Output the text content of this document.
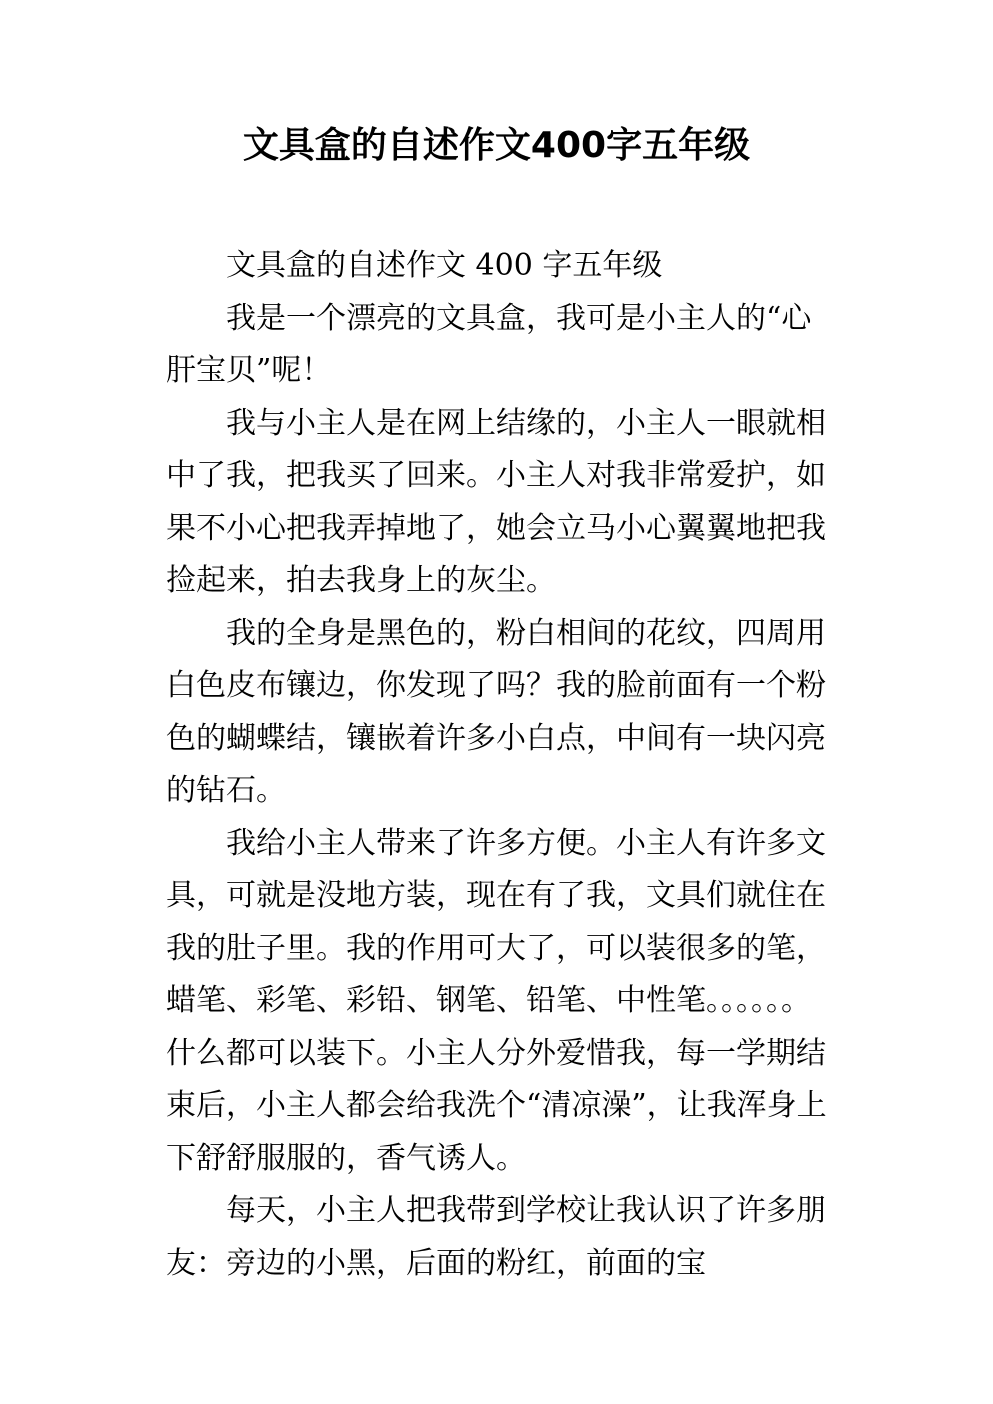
文具盒的自述作文400字五年级

文具盒的自述作文 400 字五年级

我是一个漂亮的文具盒，我可是小主人的“心肝宝贝”呢！

我与小主人是在网上结缘的，小主人一眼就相中了我，把我买了回来。小主人对我非常爱护，如果不小心把我弄掉地了，她会立马小心翼翼地把我捡起来，拍去我身上的灰尘。

我的全身是黑色的，粉白相间的花纹，四周用白色皮布镶边，你发现了吗？我的脸前面有一个粉色的蝴蝶结，镶嵌着许多小白点，中间有一块闪亮的钻石。

我给小主人带来了许多方便。小主人有许多文具，可就是没地方装，现在有了我，文具们就住在我的肚子里。我的作用可大了，可以装很多的笔，蜡笔、彩笔、彩铅、钢笔、铅笔、中性笔。。。。。。什么都可以装下。小主人分外爱惜我，每一学期结束后，小主人都会给我洗个“清凉澡”，让我浑身上下舒舒服服的，香气诱人。

每天，小主人把我带到学校让我认识了许多朋友：旁边的小黑，后面的粉红，前面的宝
